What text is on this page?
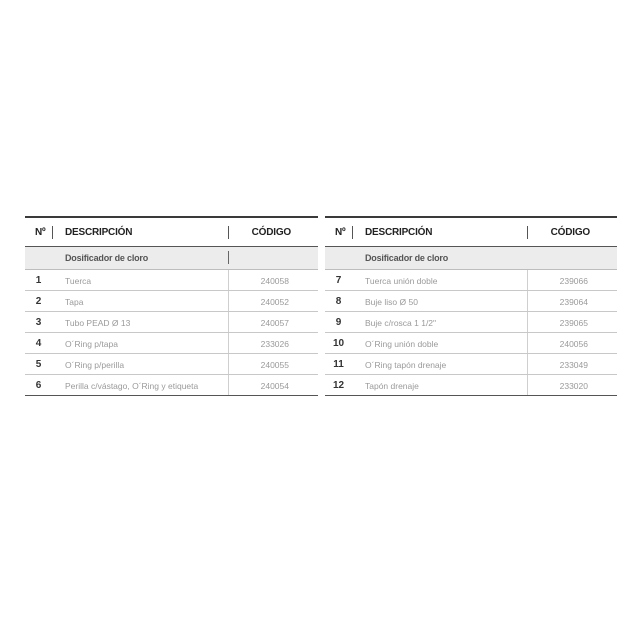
Nº DESCRIPCIÓN	CÓDIGO
Dosificador de cloro
1	Tuerca	240058
2	Tapa	240052
3	Tubo PEAD Ø 13	240057
4	O´Ring p/tapa	233026
5	O´Ring p/perilla	240055
6	Perilla c/vástago, O´Ring y etiqueta	240054
Nº DESCRIPCIÓN	CÓDIGO
Dosificador de cloro
7	Tuerca unión doble	239066
8	Buje liso Ø 50	239064
9	Buje c/rosca 1 1/2"	239065
10	O´Ring unión doble	240056
11	O´Ring tapón drenaje	233049
12	Tapón drenaje	233020
